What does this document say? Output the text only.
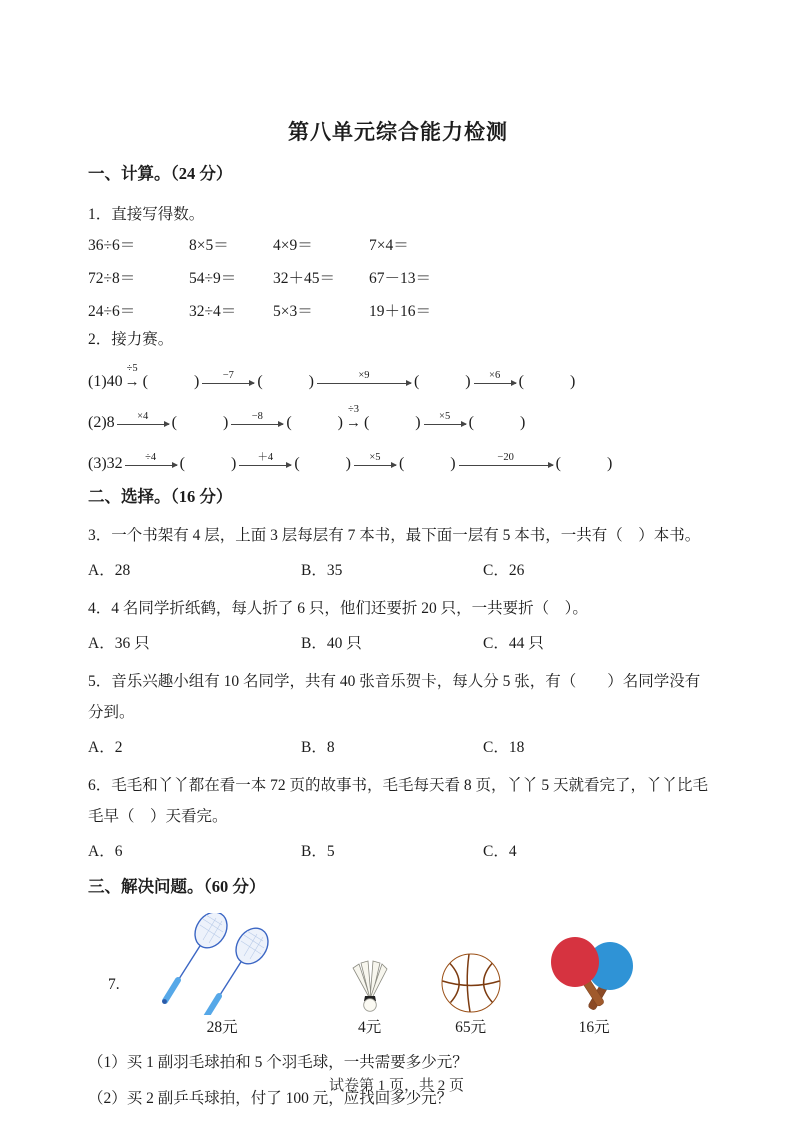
第八单元综合能力检测
一、计算。（24 分）

1．直接写得数。

36÷6＝	8×5＝	4×9＝	7×4＝
72÷8＝	54÷9＝	32＋45＝	67－13＝
24÷6＝	32÷4＝	5×3＝	19＋16＝

2．接力赛。

(1) 40
÷5
→ (	) −7 (	)	×9	(	) ×6 (	)
(2) 8 ×4 (	) −8 (	)
÷3
→ (	) ×5 (	)
(3) 32 ÷4 (	) ＋4 (	) ×5 (	)	−20	(	)
二、选择。（16 分）

3．一个书架有 4 层，上面 3 层每层有 7 本书，最下面一层有 5 本书，一共有（　）本书。

A．28	B．35	C．26

4．4 名同学折纸鹤，每人折了 6 只，他们还要折 20 只，一共要折（　）。

A．36 只	B．40 只	C．44 只

5．音乐兴趣小组有 10 名同学，共有 40 张音乐贺卡，每人分 5 张，有（　　）名同学没有分到。

A．2	B．8	C．18

6．毛毛和丫丫都在看一本 72 页的故事书，毛毛每天看 8 页，丫丫 5 天就看完了，丫丫比毛毛早（　）天看完。

A．6	B．5	C．4
三、解决问题。（60 分）
7.
28元	4元	65元	16元

（1）买 1 副羽毛球拍和 5 个羽毛球，一共需要多少元？

（2）买 2 副乒乓球拍，付了 100 元，应找回多少元？

试卷第 1 页，共 2 页
